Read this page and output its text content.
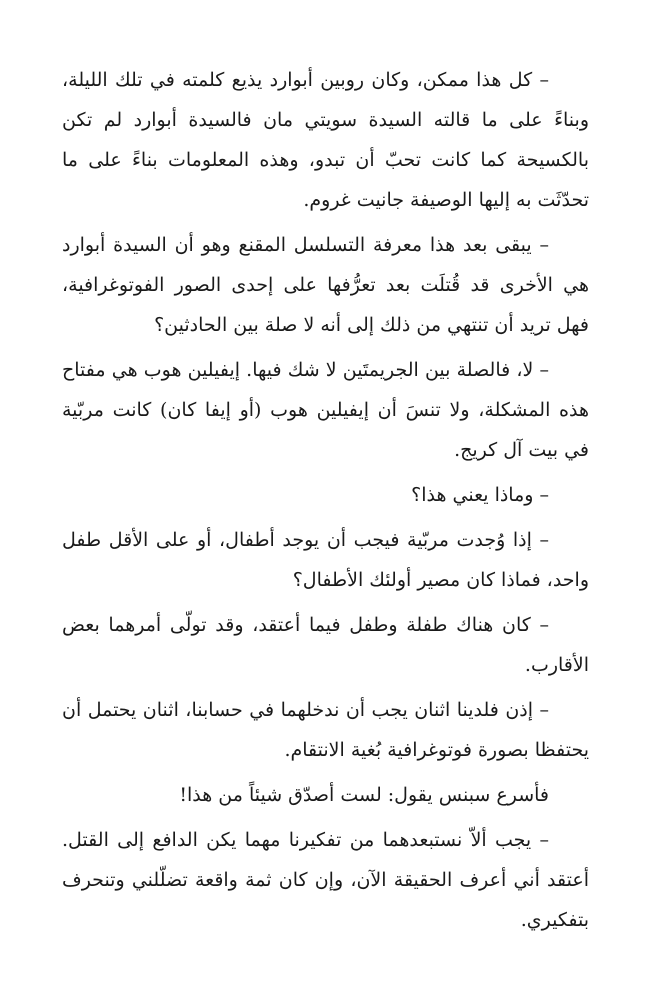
– كل هذا ممكن، وكان روبين أبوارد يذيع كلمته في تلك الليلة، وبناءً على ما قالته السيدة سويتي مان فالسيدة أبوارد لم تكن بالكسيحة كما كانت تحبّ أن تبدو، وهذه المعلومات بناءً على ما تحدّثَت به إليها الوصيفة جانيت غروم.

– يبقى بعد هذا معرفة التسلسل المقنع وهو أن السيدة أبوارد هي الأخرى قد قُتلَت بعد تعرُّفها على إحدى الصور الفوتوغرافية، فهل تريد أن تنتهي من ذلك إلى أنه لا صلة بين الحادثين؟

– لا، فالصلة بين الجريمتَين لا شك فيها. إيفيلين هوب هي مفتاح هذه المشكلة، ولا تنسَ أن إيفيلين هوب (أو إيفا كان) كانت مربّية في بيت آل كريج.

– وماذا يعني هذا؟

– إذا وُجدت مربّية فيجب أن يوجد أطفال، أو على الأقل طفل واحد، فماذا كان مصير أولئك الأطفال؟

– كان هناك طفلة وطفل فيما أعتقد، وقد تولّى أمرهما بعض الأقارب.

– إذن فلدينا اثنان يجب أن ندخلهما في حسابنا، اثنان يحتمل أن يحتفظا بصورة فوتوغرافية بُغية الانتقام.

فأسرع سبنس يقول: لست أصدّق شيئاً من هذا!

– يجب ألاّ نستبعدهما من تفكيرنا مهما يكن الدافع إلى القتل. أعتقد أني أعرف الحقيقة الآن، وإن كان ثمة واقعة تضلّلني وتنحرف بتفكيري.
